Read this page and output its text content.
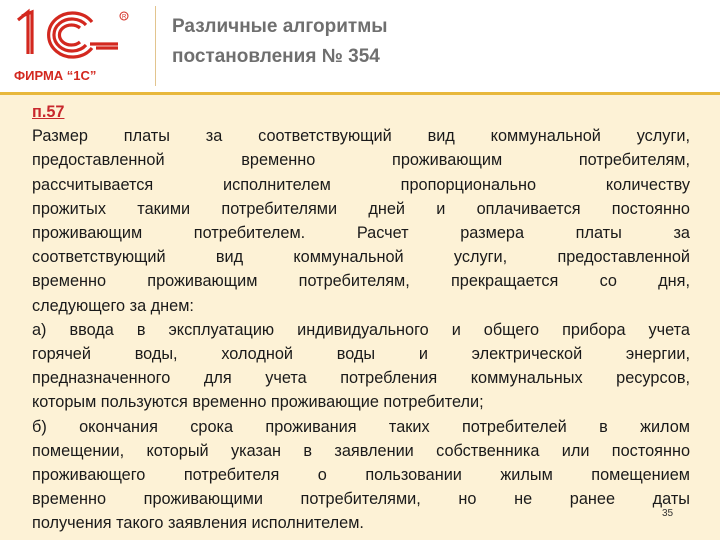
R
ФИРМА “1С”
Различные алгоритмы
постановления № 354
п.57
Размер платы за соответствующий вид коммунальной услуги,
предоставленной временно проживающим потребителям,
рассчитывается исполнителем пропорционально количеству
прожитых такими потребителями дней и оплачивается постоянно
проживающим потребителем. Расчет размера платы за
соответствующий вид коммунальной услуги, предоставленной
временно проживающим потребителям, прекращается со дня,
следующего за днем:
а) ввода в эксплуатацию индивидуального и общего прибора учета
горячей воды, холодной воды и электрической энергии,
предназначенного для учета потребления коммунальных ресурсов,
которым пользуются временно проживающие потребители;
б) окончания срока проживания таких потребителей в жилом
помещении, который указан в заявлении собственника или постоянно
проживающего потребителя о пользовании жилым помещением
временно проживающими потребителями, но не ранее даты
получения такого заявления исполнителем.
35
